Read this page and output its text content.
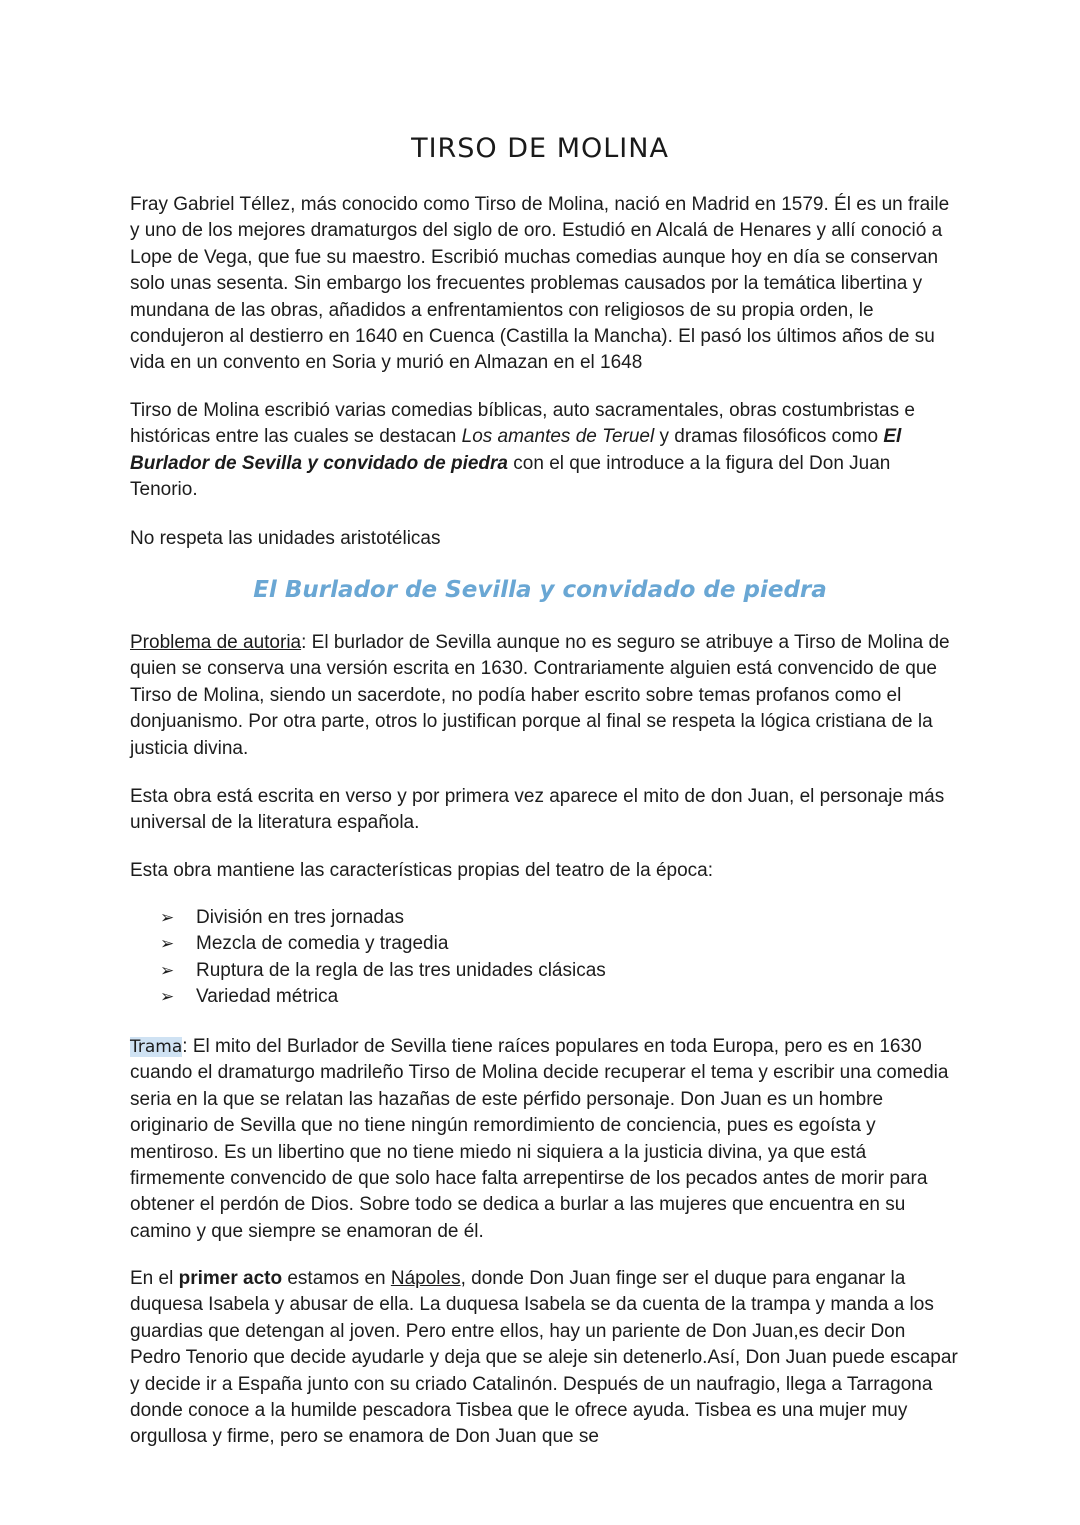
TIRSO DE MOLINA

Fray Gabriel Téllez, más conocido como Tirso de Molina, nació en Madrid en 1579. Él es un fraile y uno de los mejores dramaturgos del siglo de oro. Estudió en Alcalá de Henares y allí conoció a Lope de Vega, que fue su maestro. Escribió muchas comedias aunque hoy en día se conservan solo unas sesenta. Sin embargo los frecuentes problemas causados por la temática libertina y mundana de las obras, añadidos a enfrentamientos con religiosos de su propia orden, le condujeron al destierro en 1640 en Cuenca (Castilla la Mancha). El pasó los últimos años de su vida en un convento en Soria y murió en Almazan en el 1648

Tirso de Molina escribió varias comedias bíblicas, auto sacramentales, obras costumbristas e históricas entre las cuales se destacan Los amantes de Teruel y dramas filosóficos como El Burlador de Sevilla y convidado de piedra con el que introduce a la figura del Don Juan Tenorio.

No respeta las unidades aristotélicas

El Burlador de Sevilla y convidado de piedra

Problema de autoria: El burlador de Sevilla aunque no es seguro se atribuye a Tirso de Molina de quien se conserva una versión escrita en 1630. Contrariamente alguien está convencido de que Tirso de Molina, siendo un sacerdote, no podía haber escrito sobre temas profanos como el donjuanismo. Por otra parte, otros lo justifican porque al final se respeta la lógica cristiana de la justicia divina.

Esta obra está escrita en verso y por primera vez aparece el mito de don Juan, el personaje más universal de la literatura española.

Esta obra mantiene las características propias del teatro de la época:

➢	División en tres jornadas
➢	Mezcla de comedia y tragedia
➢	Ruptura de la regla de las tres unidades clásicas
➢	Variedad métrica

Trama: El mito del Burlador de Sevilla tiene raíces populares en toda Europa, pero es en 1630 cuando el dramaturgo madrileño Tirso de Molina decide recuperar el tema y escribir una comedia seria en la que se relatan las hazañas de este pérfido personaje. Don Juan es un hombre originario de Sevilla que no tiene ningún remordimiento de conciencia, pues es egoísta y mentiroso. Es un libertino que no tiene miedo ni siquiera a la justicia divina, ya que está firmemente convencido de que solo hace falta arrepentirse de los pecados antes de morir para obtener el perdón de Dios. Sobre todo se dedica a burlar a las mujeres que encuentra en su camino y que siempre se enamoran de él.

En el primer acto estamos en Nápoles, donde Don Juan finge ser el duque para enganar la duquesa Isabela y abusar de ella. La duquesa Isabela se da cuenta de la trampa y manda a los guardias que detengan al joven. Pero entre ellos, hay un pariente de Don Juan,es decir Don Pedro Tenorio que decide ayudarle y deja que se aleje sin detenerlo.Así, Don Juan puede escapar y decide ir a España junto con su criado Catalinón. Después de un naufragio, llega a Tarragona donde conoce a la humilde pescadora Tisbea que le ofrece ayuda. Tisbea es una mujer muy orgullosa y firme, pero se enamora de Don Juan que se
